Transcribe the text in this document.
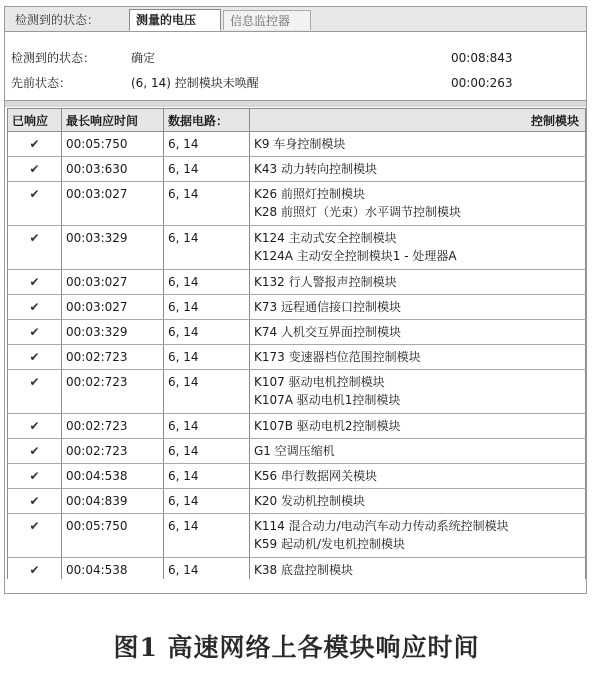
检测到的状态：	测量的电压	信息监控器
检测到的状态：	确定	00:08:843
先前状态：	(6, 14) 控制模块未唤醒	00:00:263
已响应	最长响应时间	数据电路：	控制模块
✔	00:05:750	6, 14	K9 车身控制模块

✔	00:03:630	6, 14	K43 动力转向控制模块

✔	00:03:027	6, 14	K26 前照灯控制模块
K28 前照灯（光束）水平调节控制模块

✔	00:03:329	6, 14	K124 主动式安全控制模块
K124A 主动安全控制模块1 - 处理器A

✔	00:03:027	6, 14	K132 行人警报声控制模块

✔	00:03:027	6, 14	K73 远程通信接口控制模块

✔	00:03:329	6, 14	K74 人机交互界面控制模块

✔	00:02:723	6, 14	K173 变速器档位范围控制模块

✔	00:02:723	6, 14	K107 驱动电机控制模块
K107A 驱动电机1控制模块

✔	00:02:723	6, 14	K107B 驱动电机2控制模块

✔	00:02:723	6, 14	G1 空调压缩机

✔	00:04:538	6, 14	K56 串行数据网关模块

✔	00:04:839	6, 14	K20 发动机控制模块

✔	00:05:750	6, 14	K114 混合动力/电动汽车动力传动系统控制模块
K59 起动机/发电机控制模块

✔	00:04:538	6, 14	K38 底盘控制模块
图1 高速网络上各模块响应时间
